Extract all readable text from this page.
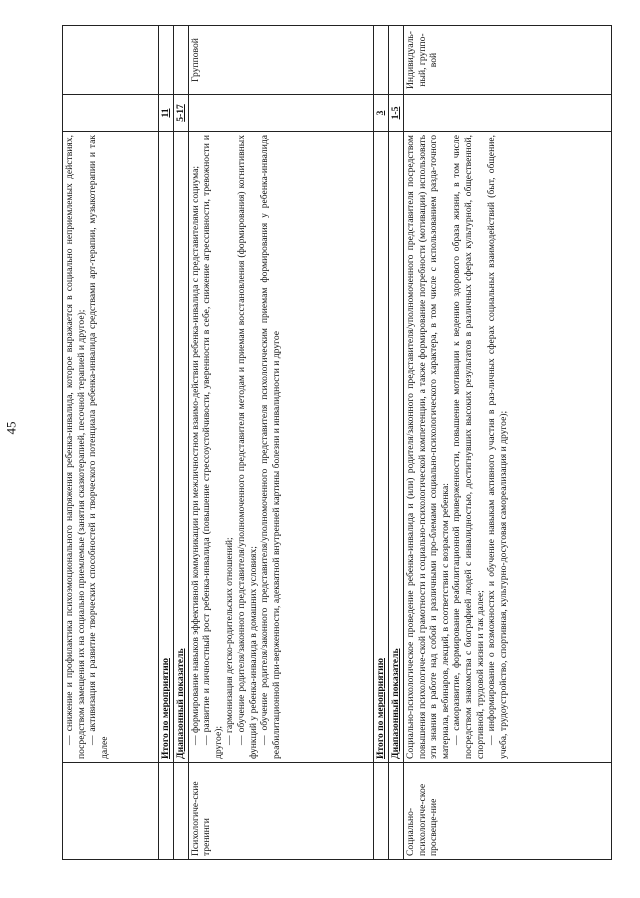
45

	— снижение и профилактика психоэмоционального напряжения ребенка-инвалида, которое выражается в социально неприемлемых действиях, посредством замещения их на социально приемлемые (занятия сказкотерапией, песочной терапией и другое); — активизация и развитие творческих способностей и творческого потенциала ребенка-инвалида средствами арт-терапии, музыкотерапии и так далее		

	Итого по мероприятию	11	
	Диапазонный показатель	5-17	
Психологиче-ские тренинги	— формирование навыков эффективной коммуникации при межличностном взаимо-действии ребенка-инвалида с представителями социума; — развитие и личностный рост ребенка-инвалида (повышение стрессоустойчивости, уверенности в себе, снижение агрессивности, тревожности и другое); — гармонизация детско-родительских отношений; — обучение родителя/законного представителя/уполномоченного представителя методам и приемам восстановления (формирования) когнитивных функций у ребенка-инвалида в домашних условиях; — обучение родителя/законного представителя/уполномоченного представителя психологическим приемам формирования у ребенка-инвалида реабилитационной при-верженности, адекватной внутренней картины болезни и инвалидности и другое		Групповой
	Итого по мероприятию	3	
	Диапазонный показатель	1-5	
Социально-психологиче-ское просвеще-ние	Социально-психологическое проведение ребенка-инвалида и (или) родителя/законного представителя/уполномоченного представителя посредством повышения психологиче-ской грамотности и социально-психологической компетенции, а также формирование потребности (мотивации) использовать эти знания в работе над собой и различными про-блемами социально-психологического характера, в том числе с использованием разда-точного материала, вебинаров, лекций, в соответствии с возрастом ребенка: — саморазвитие, формирование реабилитационной приверженности, повышение мотивации к ведению здорового образа жизни, в том числе посредством знакомства с биографией людей с инвалидностью, достигнувших высоких результатов в различных сферах культурной, общественной, спортивной, трудовой жизни и так далее; — информирование о возможностях и обучение навыкам активного участия в раз-личных сферах социальных взаимодействий (быт, общение, учеба, трудоустройство, спортивная, культурно-досуговая самореализация и другое);		Индивидуаль-ный, группо-вой
